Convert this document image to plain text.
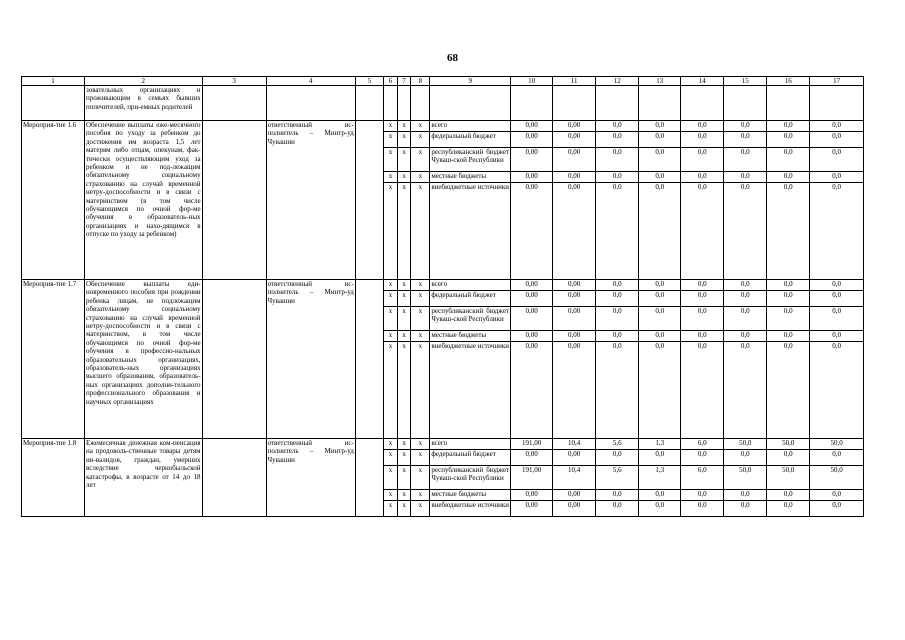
68
1	2	3	4	5	6	7	8	9	10	11	12	13	14	15	16	17
	зовательных организациях и проживающим в семьях бывших попечителей, при-емных родителей															
Мероприя-тие 1.6	Обеспечение выплаты еже-месячного пособия по уходу за ребенком до достижения им возраста 1,5 лет матерям либо отцам, опекунам, фак-тически осуществляющим уход за ребенком и не под-лежащим обязательному социальному страхованию на случай временной нетру-доспособности и в связи с материнством (в том числе обучающимся по очной фор-ме обучения в образователь-ных организациях и нахо-дящимся в отпуске по уходу за ребенком)		ответственный ис-полнитель – Минтр-уд Чувашии		x	x	x	всего	0,00	0,00	0,0	0,0	0,0	0,0	0,0	0,0
					x	x	x	федеральный бюджет	0,00	0,00	0,0	0,0	0,0	0,0	0,0	0,0
					x	x	x	республиканский бюджет Чуваш-ской Республики	0,00	0,00	0,0	0,0	0,0	0,0	0,0	0,0
					x	x	x	местные бюджеты	0,00	0,00	0,0	0,0	0,0	0,0	0,0	0,0
					x	x	x	внебюджетные источники	0,00	0,00	0,0	0,0	0,0	0,0	0,0	0,0
Мероприя-тие 1.7	Обеспечение выплаты еди-новременного пособия при рождении ребенка лицам, не подлежащим обязательному социальному страхованию на случай временной нетру-доспособности и в связи с материнством, в том числе обучающимся по очной фор-ме обучения в профессио-нальных образовательных организациях, образователь-ных организациях высшего образования, образователь-ных организациях дополни-тельного профессионального образования и научных организациях		ответственный ис-полнитель – Минтр-уд Чувашии		x	x	x	всего	0,00	0,00	0,0	0,0	0,0	0,0	0,0	0,0
					x	x	x	федеральный бюджет	0,00	0,00	0,0	0,0	0,0	0,0	0,0	0,0
					x	x	x	республиканский бюджет Чуваш-ской Республики	0,00	0,00	0,0	0,0	0,0	0,0	0,0	0,0
					x	x	x	местные бюджеты	0,00	0,00	0,0	0,0	0,0	0,0	0,0	0,0
					x	x	x	внебюджетные источники	0,00	0,00	0,0	0,0	0,0	0,0	0,0	0,0
Мероприя-тие 1.8	Ежемесячная денежная ком-пенсация на продоволь-ственные товары детям ин-валидов, граждан, умерших вследствие чернобыльской катастрофы, в возрасте от 14 до 18 лет		ответственный ис-полнитель – Минтр-уд Чувашии		x	x	x	всего	191,00	10,4	5,6	1,3	6,0	50,0	50,0	50,0
					x	x	x	федеральный бюджет	0,00	0,00	0,0	0,0	0,0	0,0	0,0	0,0
					x	x	x	республиканский бюджет Чуваш-ской Республики	191,00	10,4	5,6	1,3	6,0	50,0	50,0	50,0
					x	x	x	местные бюджеты	0,00	0,00	0,0	0,0	0,0	0,0	0,0	0,0
					x	x	x	внебюджетные источники	0,00	0,00	0,0	0,0	0,0	0,0	0,0	0,0
